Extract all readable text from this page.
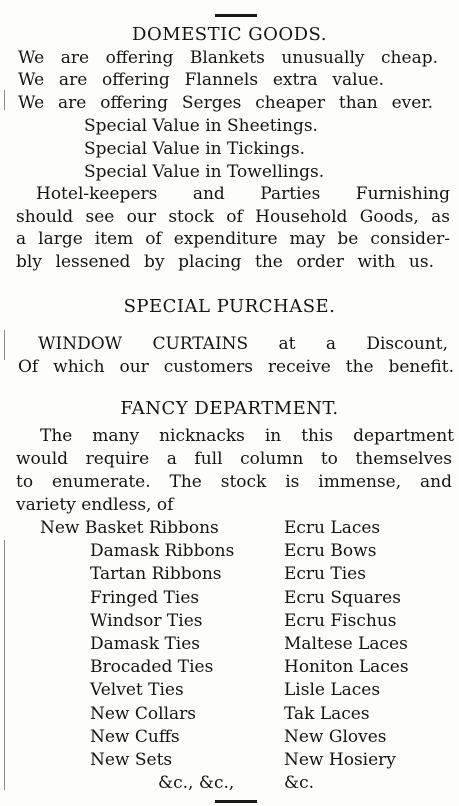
DOMESTIC GOODS.
We are offering Blankets unusually cheap.
We are offering Flannels extra value.
We are offering Serges cheaper than ever.
Special Value in Sheetings.
Special Value in Tickings.
Special Value in Towellings.
Hotel-keepers and Parties Furnishing
should see our stock of Household Goods, as
a large item of expenditure may be consider-
bly lessened by placing the order with us.
SPECIAL PURCHASE.
WINDOW CURTAINS at a Discount,
Of which our customers receive the benefit.
FANCY DEPARTMENT.
The many nicknacks in this department
would require a full column to themselves
to enumerate. The stock is immense, and
variety endless, of
New Basket Ribbons
Damask Ribbons
Tartan Ribbons
Fringed Ties
Windsor Ties
Damask Ties
Brocaded Ties
Velvet Ties
New Collars
New Cuffs
New Sets
&c., &c.,
Ecru Laces
Ecru Bows
Ecru Ties
Ecru Squares
Ecru Fischus
Maltese Laces
Honiton Laces
Lisle Laces
Tak Laces
New Gloves
New Hosiery
&c.
